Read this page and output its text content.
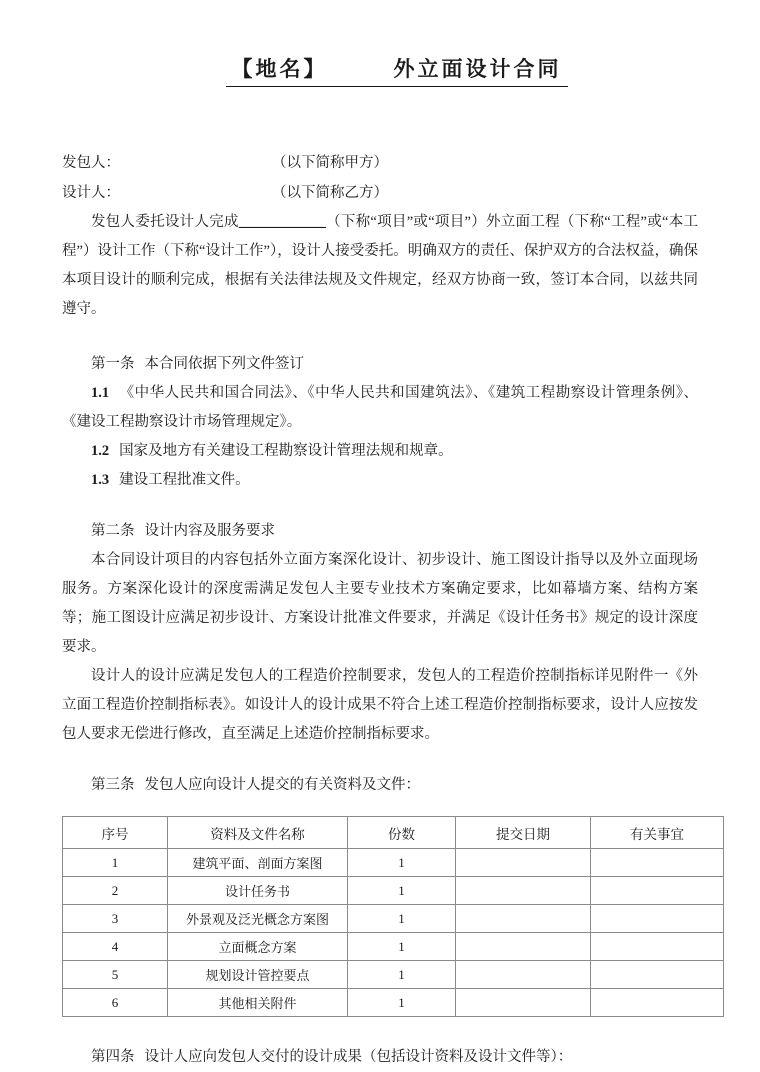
【地名】        外立面设计合同

发包人：	（以下简称甲方）
设计人：	（以下简称乙方）

发包人委托设计人完成____________（下称“项目”或“项目”）外立面工程（下称“工程”或“本工程”）设计工作（下称“设计工作”），设计人接受委托。明确双方的责任、保护双方的合法权益，确保本项目设计的顺利完成，根据有关法律法规及文件规定，经双方协商一致，签订本合同，以兹共同遵守。

第一条 本合同依据下列文件签订

1.1 《中华人民共和国合同法》、《中华人民共和国建筑法》、《建筑工程勘察设计管理条例》、《建设工程勘察设计市场管理规定》。

1.2 国家及地方有关建设工程勘察设计管理法规和规章。

1.3 建设工程批准文件。

第二条 设计内容及服务要求

本合同设计项目的内容包括外立面方案深化设计、初步设计、施工图设计指导以及外立面现场服务。方案深化设计的深度需满足发包人主要专业技术方案确定要求，比如幕墙方案、结构方案等；施工图设计应满足初步设计、方案设计批准文件要求，并满足《设计任务书》规定的设计深度要求。

设计人的设计应满足发包人的工程造价控制要求，发包人的工程造价控制指标详见附件一《外立面工程造价控制指标表》。如设计人的设计成果不符合上述工程造价控制指标要求，设计人应按发包人要求无偿进行修改，直至满足上述造价控制指标要求。

第三条 发包人应向设计人提交的有关资料及文件：

序号	资料及文件名称	份数	提交日期	有关事宜
1	建筑平面、剖面方案图	1		
2	设计任务书	1		
3	外景观及泛光概念方案图	1		
4	立面概念方案	1		
5	规划设计管控要点	1		
6	其他相关附件	1		

第四条 设计人应向发包人交付的设计成果（包括设计资料及设计文件等）：
